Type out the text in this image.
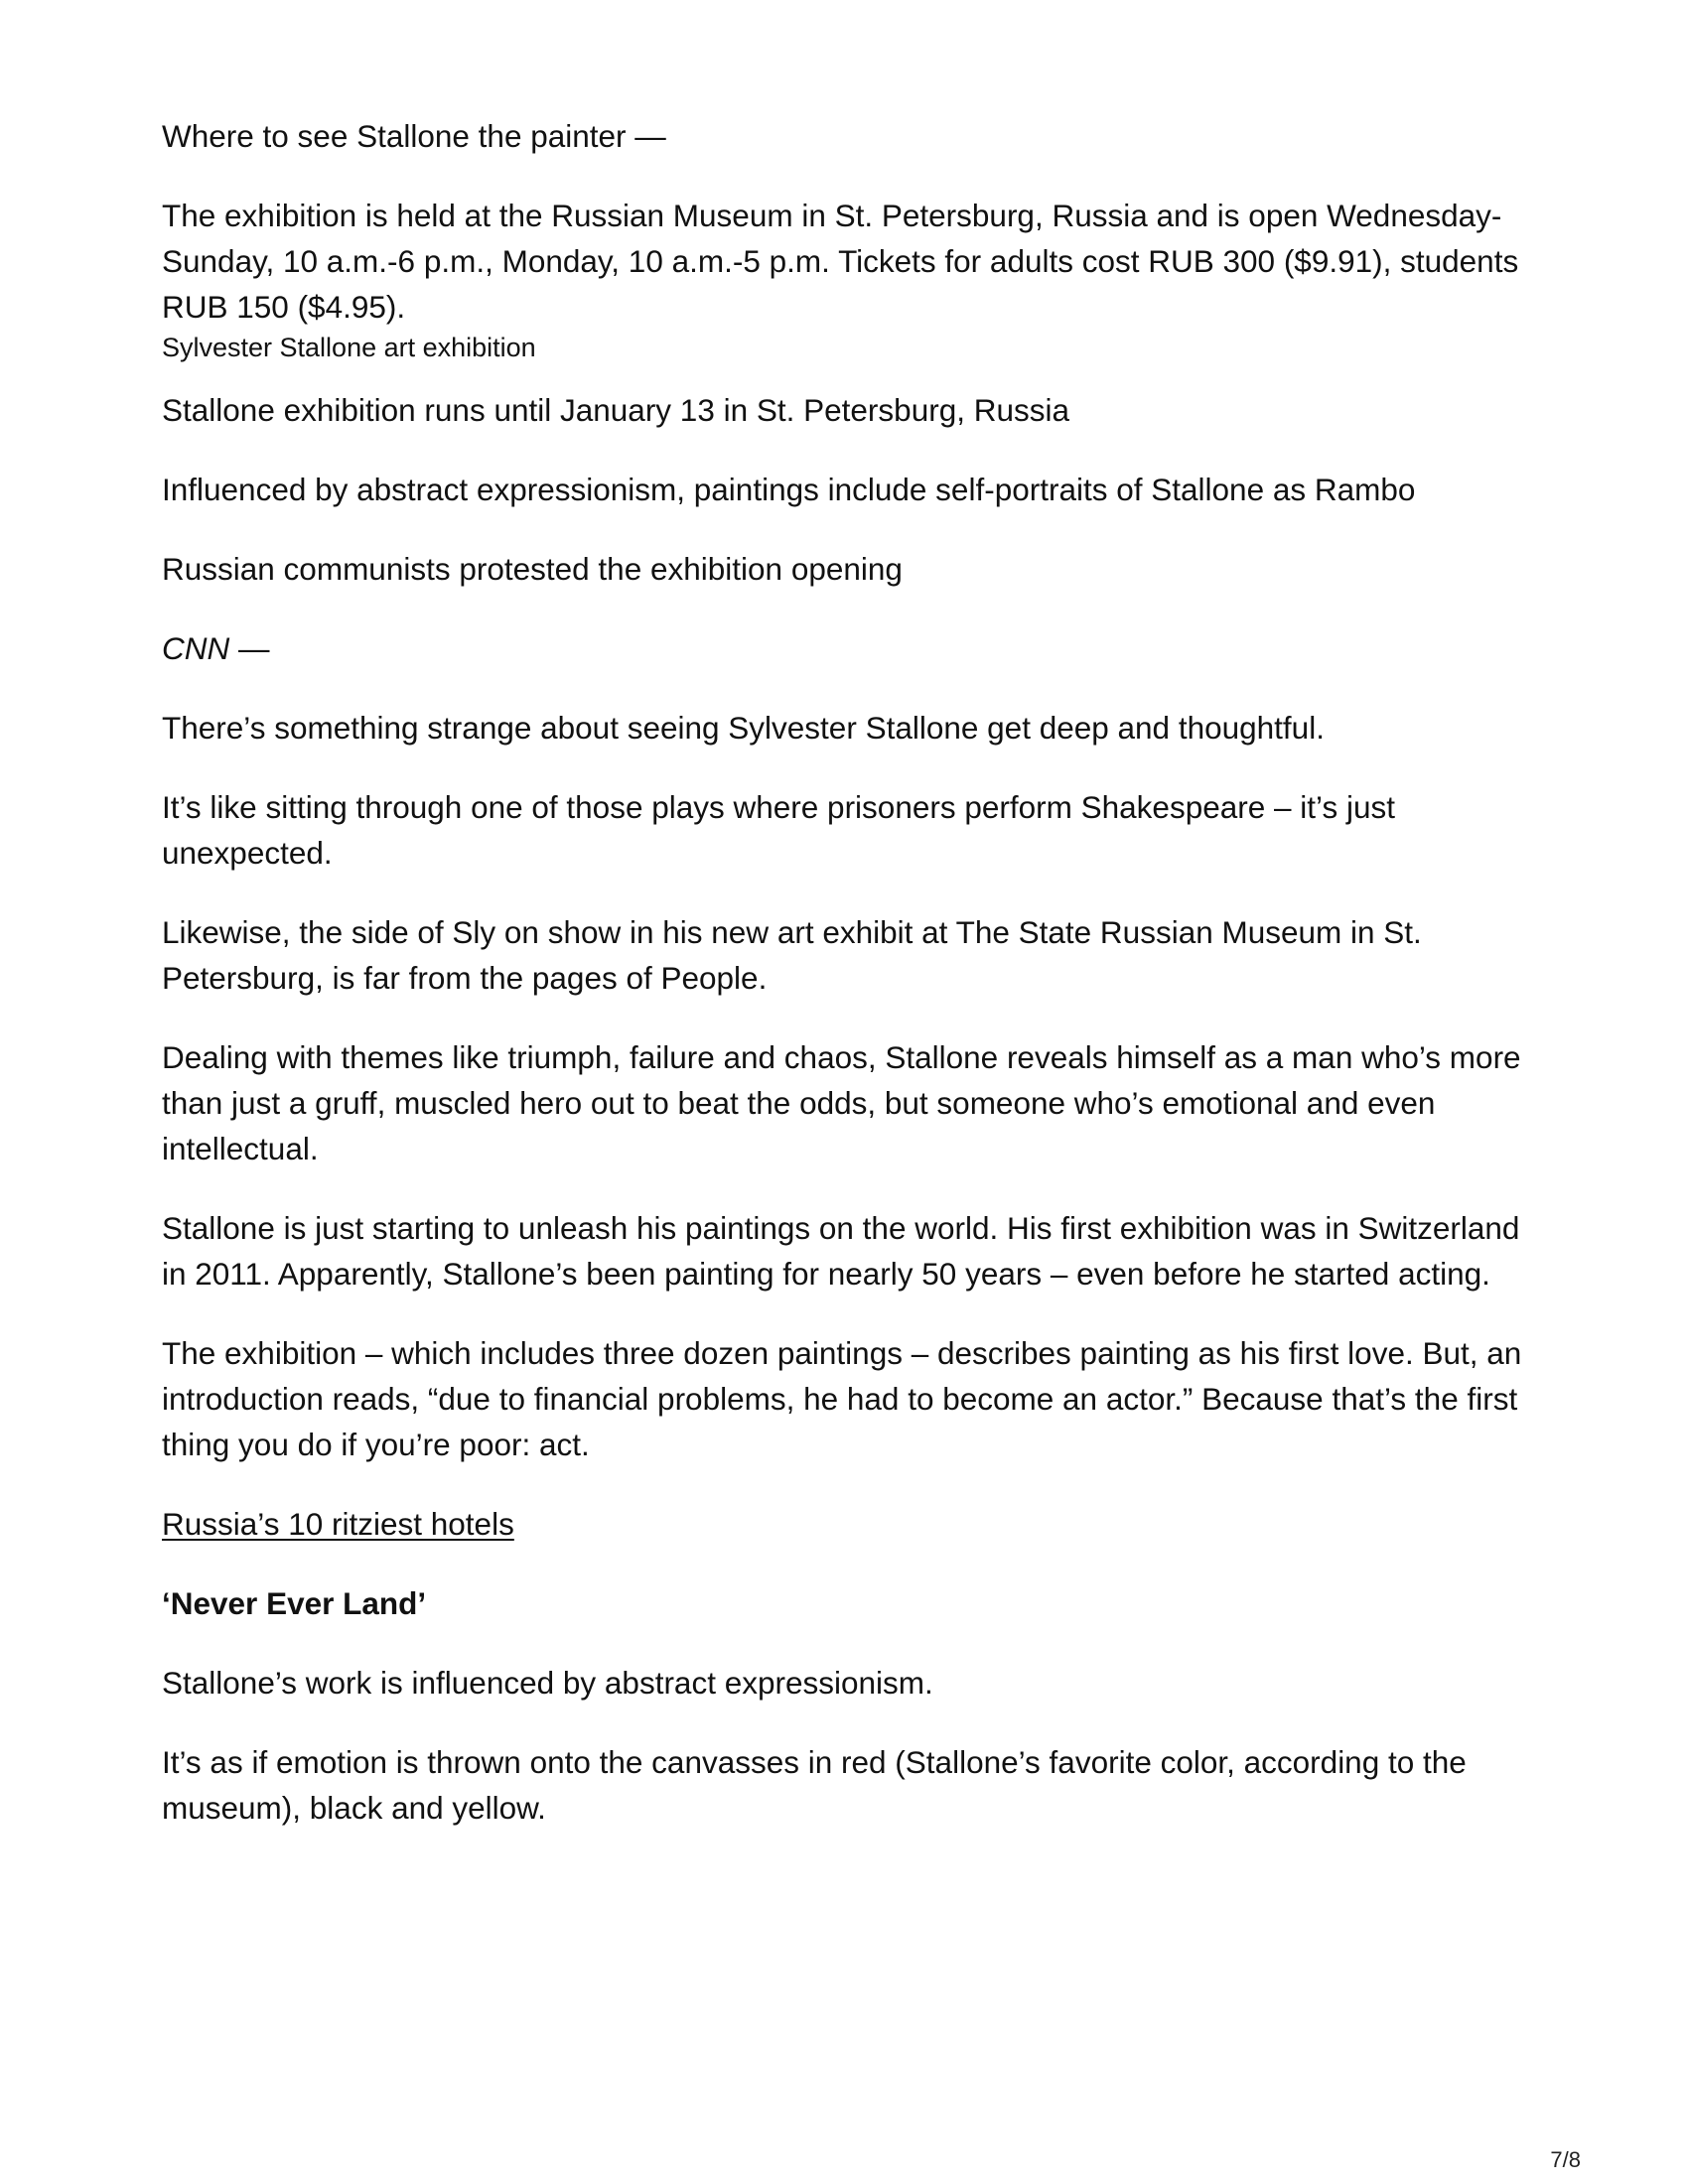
Where to see Stallone the painter —

The exhibition is held at the Russian Museum in St. Petersburg, Russia and is open Wednesday-Sunday, 10 a.m.-6 p.m., Monday, 10 a.m.-5 p.m. Tickets for adults cost RUB 300 ($9.91), students RUB 150 ($4.95).

Sylvester Stallone art exhibition

Stallone exhibition runs until January 13 in St. Petersburg, Russia

Influenced by abstract expressionism, paintings include self-portraits of Stallone as Rambo

Russian communists protested the exhibition opening

CNN —

There’s something strange about seeing Sylvester Stallone get deep and thoughtful.

It’s like sitting through one of those plays where prisoners perform Shakespeare – it’s just unexpected.

Likewise, the side of Sly on show in his new art exhibit at The State Russian Museum in St. Petersburg, is far from the pages of People.

Dealing with themes like triumph, failure and chaos, Stallone reveals himself as a man who’s more than just a gruff, muscled hero out to beat the odds, but someone who’s emotional and even intellectual.

Stallone is just starting to unleash his paintings on the world. His first exhibition was in Switzerland in 2011. Apparently, Stallone’s been painting for nearly 50 years – even before he started acting.

The exhibition – which includes three dozen paintings – describes painting as his first love. But, an introduction reads, “due to financial problems, he had to become an actor.” Because that’s the first thing you do if you’re poor: act.

Russia’s 10 ritziest hotels

‘Never Ever Land’

Stallone’s work is influenced by abstract expressionism.

It’s as if emotion is thrown onto the canvasses in red (Stallone’s favorite color, according to the museum), black and yellow.

7/8
